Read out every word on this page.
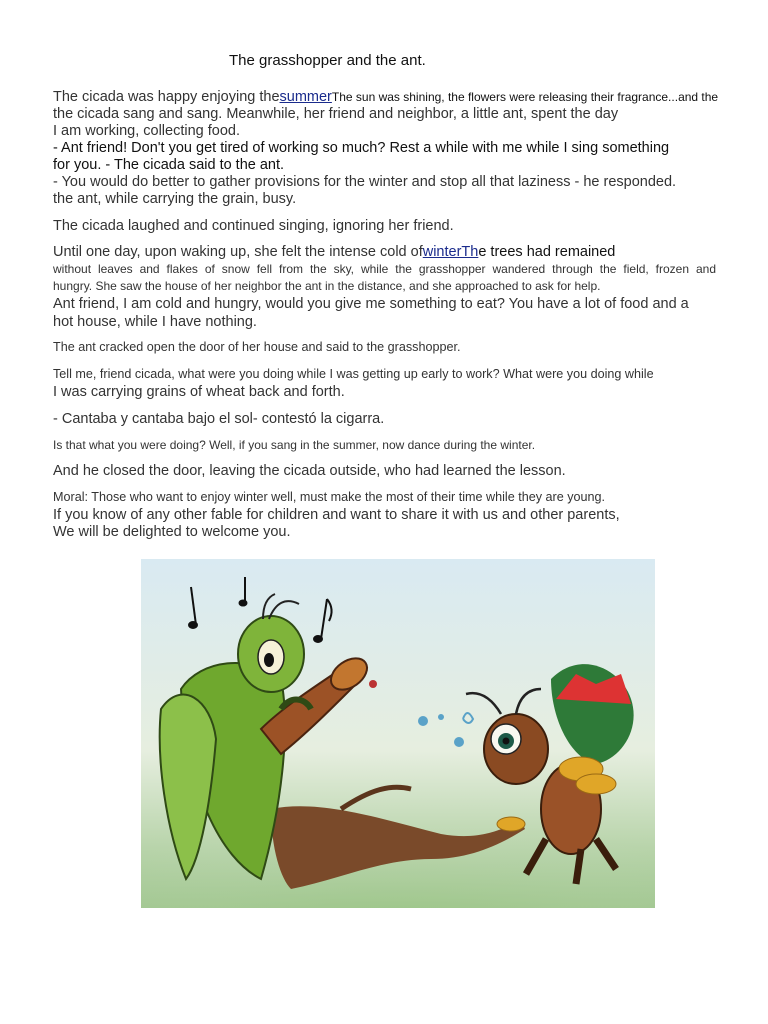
The grasshopper and the ant.
The cicada was happy enjoying thesummerThe sun was shining, the flowers were releasing their fragrance...and the
the cicada sang and sang. Meanwhile, her friend and neighbor, a little ant, spent the day
I am working, collecting food.
- Ant friend! Don't you get tired of working so much? Rest a while with me while I sing something
for you. - The cicada said to the ant.
- You would do better to gather provisions for the winter and stop all that laziness - he responded.
the ant, while carrying the grain, busy.
The cicada laughed and continued singing, ignoring her friend.
Until one day, upon waking up, she felt the intense cold ofwinterThe trees had remained
without leaves and flakes of snow fell from the sky, while the grasshopper wandered through the field, frozen and
hungry. She saw the house of her neighbor the ant in the distance, and she approached to ask for help.
Ant friend, I am cold and hungry, would you give me something to eat? You have a lot of food and a
hot house, while I have nothing.
The ant cracked open the door of her house and said to the grasshopper.
Tell me, friend cicada, what were you doing while I was getting up early to work? What were you doing while
I was carrying grains of wheat back and forth.
- Cantaba y cantaba bajo el sol- contestó la cigarra.
Is that what you were doing? Well, if you sang in the summer, now dance during the winter.
And he closed the door, leaving the cicada outside, who had learned the lesson.
Moral: Those who want to enjoy winter well, must make the most of their time while they are young.
If you know of any other fable for children and want to share it with us and other parents,
We will be delighted to welcome you.
